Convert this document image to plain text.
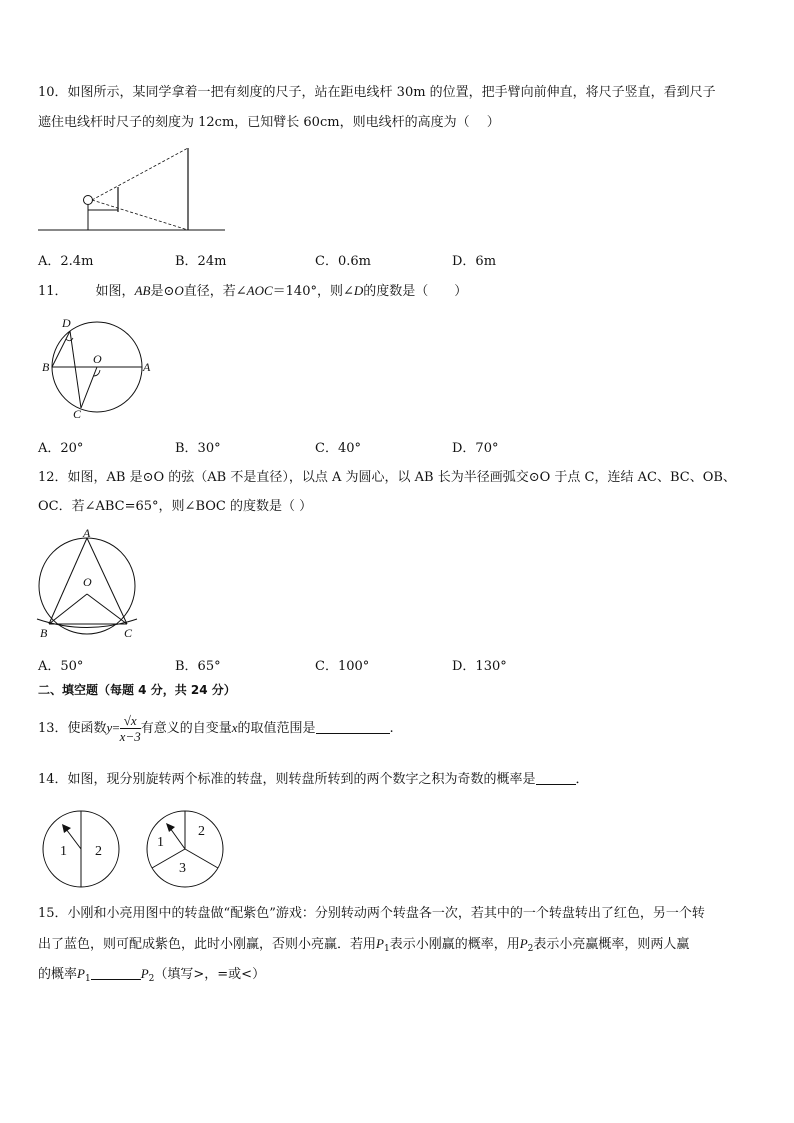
10．如图所示，某同学拿着一把有刻度的尺子，站在距电线杆 30m 的位置，把手臂向前伸直，将尺子竖直，看到尺子
遮住电线杆时尺子的刻度为 12cm，已知臂长 60cm，则电线杆的高度为（　 ）
A．2.4m	B．24m	C．0.6m	D．6m
11． 如图，AB是⊙O直径，若∠AOC＝140°，则∠D的度数是（　　）
D
B
O
A
C
A．20°	B．30°	C．40°	D．70°
12．如图，AB 是⊙O 的弦（AB 不是直径），以点 A 为圆心，以 AB 长为半径画弧交⊙O 于点 C，连结 AC、BC、OB、
OC．若∠ABC=65°，则∠BOC 的度数是（ ）
A
O
B	C
A．50°	B．65°	C．100°	D．130°
二、填空题（每题 4 分，共 24 分）
13．使函数$y= \frac{√x}{x-3}$ 有意义的自变量x的取值范围是	.
14．如图，现分别旋转两个标准的转盘，则转盘所转到的两个数字之积为奇数的概率是	．
1 2
1
2
3
15．小刚和小亮用图中的转盘做“配紫色”游戏：分别转动两个转盘各一次，若其中的一个转盘转出了红色，另一个转
出了蓝色，则可配成紫色，此时小刚赢，否则小亮赢．若用$P_1$表示小刚赢的概率，用$P_2$表示小亮赢概率，则两人赢
的概率$P_1$	$P_2$（填写>，=或<）
